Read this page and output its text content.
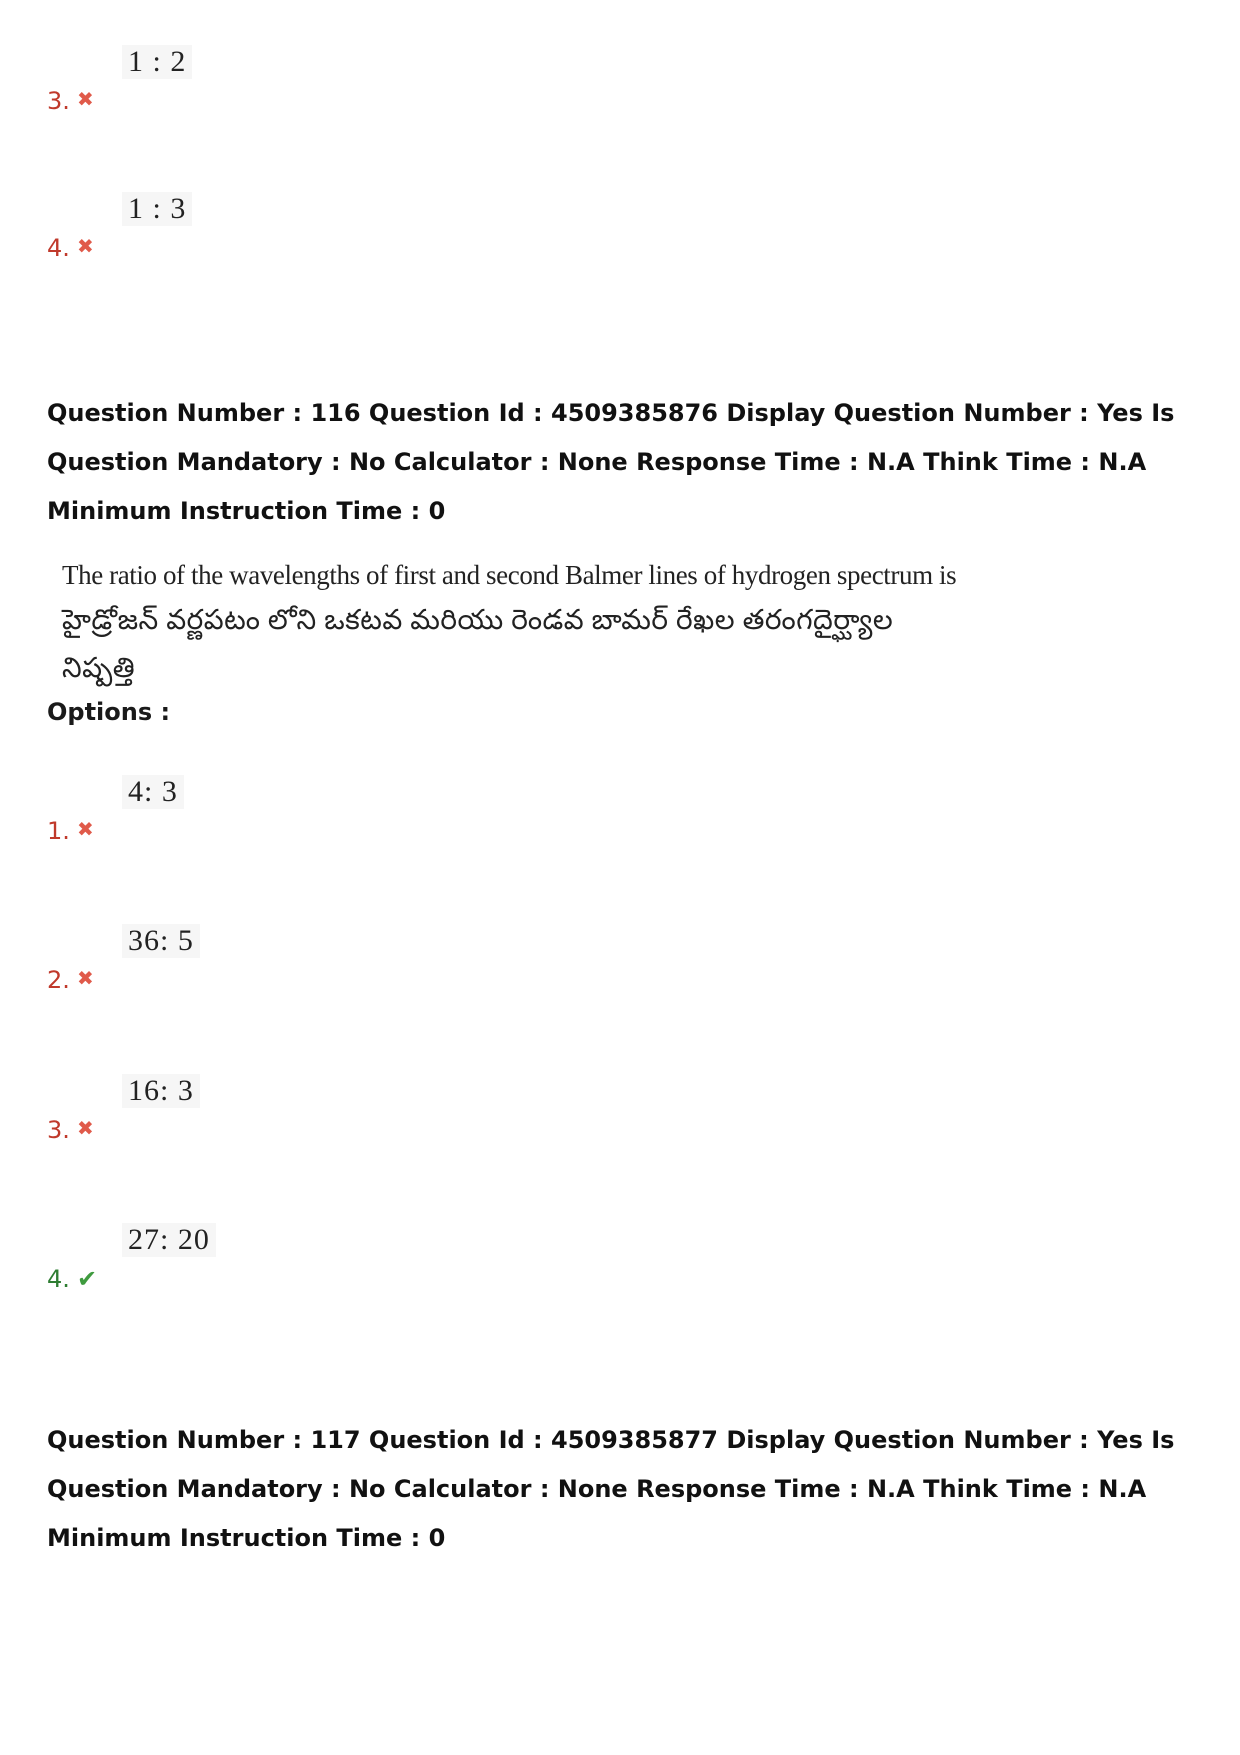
1 : 2
3. ✖
1 : 3
4. ✖
Question Number : 116 Question Id : 4509385876 Display Question Number : Yes Is Question Mandatory : No Calculator : None Response Time : N.A Think Time : N.A Minimum Instruction Time : 0
The ratio of the wavelengths of first and second Balmer lines of hydrogen spectrum is
హైడ్రోజన్ వర్ణపటం లోని ఒకటవ మరియు రెండవ బామర్ రేఖల తరంగదైర్ఘ్యాల నిష్పత్తి
Options :
4: 3
1. ✖
36: 5
2. ✖
16: 3
3. ✖
27: 20
4. ✔
Question Number : 117 Question Id : 4509385877 Display Question Number : Yes Is Question Mandatory : No Calculator : None Response Time : N.A Think Time : N.A Minimum Instruction Time : 0
